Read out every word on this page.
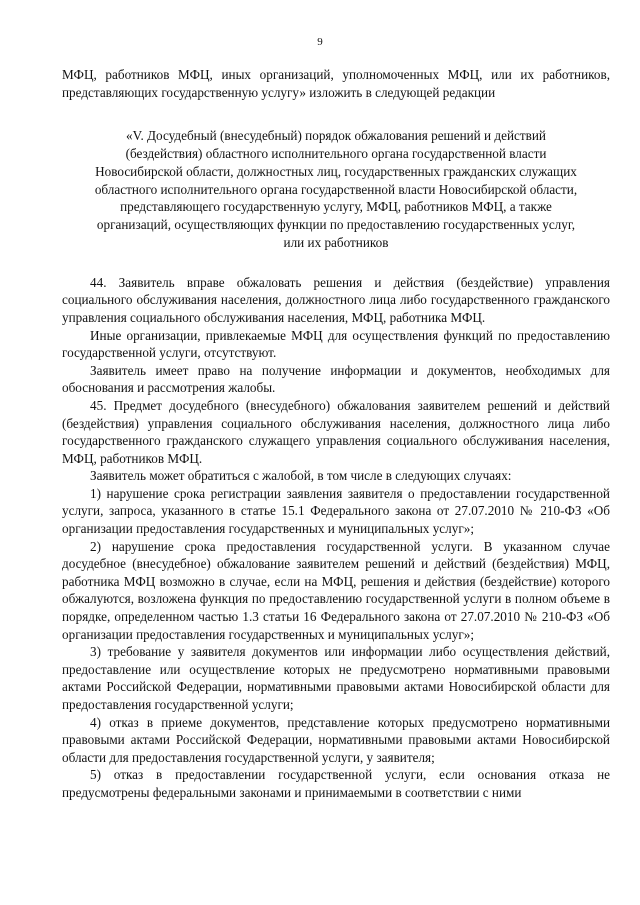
9

МФЦ, работников МФЦ, иных организаций, уполномоченных МФЦ, или их работников, представляющих государственную услугу» изложить в следующей редакции

«V. Досудебный (внесудебный) порядок обжалования решений и действий
(бездействия) областного исполнительного органа государственной власти
Новосибирской области, должностных лиц, государственных гражданских служащих
областного исполнительного органа государственной власти Новосибирской области,
представляющего государственную услугу, МФЦ, работников МФЦ, а также
организаций, осуществляющих функции по предоставлению государственных услуг,
или их работников

44. Заявитель вправе обжаловать решения и действия (бездействие) управления социального обслуживания населения, должностного лица либо государственного гражданского управления социального обслуживания населения, МФЦ, работника МФЦ.

Иные организации, привлекаемые МФЦ для осуществления функций по предоставлению государственной услуги, отсутствуют.

Заявитель имеет право на получение информации и документов, необходимых для обоснования и рассмотрения жалобы.

45. Предмет досудебного (внесудебного) обжалования заявителем решений и действий (бездействия) управления социального обслуживания населения, должностного лица либо государственного гражданского служащего управления социального обслуживания населения, МФЦ, работников МФЦ.

Заявитель может обратиться с жалобой, в том числе в следующих случаях:

1) нарушение срока регистрации заявления заявителя о предоставлении государственной услуги, запроса, указанного в статье 15.1 Федерального закона от 27.07.2010 № 210-ФЗ «Об организации предоставления государственных и муниципальных услуг»;

2) нарушение срока предоставления государственной услуги. В указанном случае досудебное (внесудебное) обжалование заявителем решений и действий (бездействия) МФЦ, работника МФЦ возможно в случае, если на МФЦ, решения и действия (бездействие) которого обжалуются, возложена функция по предоставлению государственной услуги в полном объеме в порядке, определенном частью 1.3 статьи 16 Федерального закона от 27.07.2010 № 210-ФЗ «Об организации предоставления государственных и муниципальных услуг»;

3) требование у заявителя документов или информации либо осуществления действий, предоставление или осуществление которых не предусмотрено нормативными правовыми актами Российской Федерации, нормативными правовыми актами Новосибирской области для предоставления государственной услуги;

4) отказ в приеме документов, представление которых предусмотрено нормативными правовыми актами Российской Федерации, нормативными правовыми актами Новосибирской области для предоставления государственной услуги, у заявителя;

5) отказ в предоставлении государственной услуги, если основания отказа не предусмотрены федеральными законами и принимаемыми в соответствии с ними
